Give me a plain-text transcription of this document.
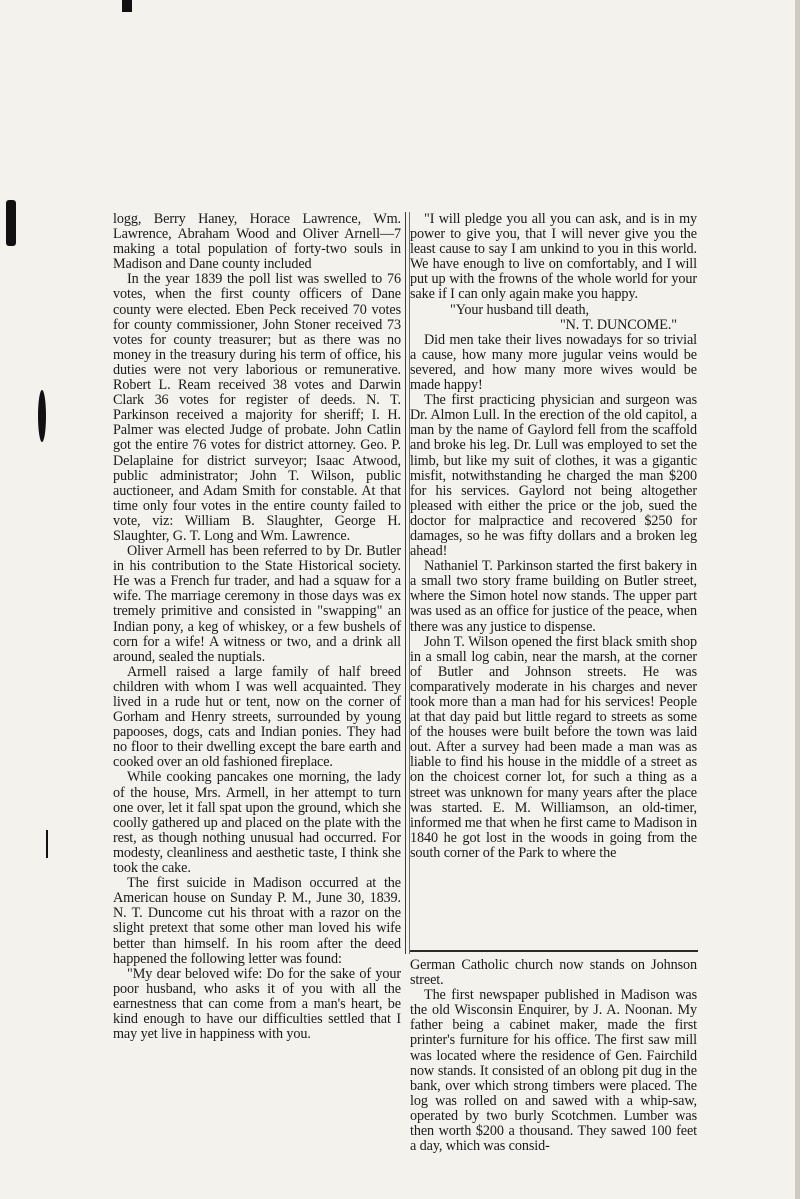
logg, Berry Haney, Horace Lawrence, Wm. Lawrence, Abraham Wood and Oliver Arnell—7 making a total population of forty-two souls in Madison and Dane county included

In the year 1839 the poll list was swelled to 76 votes, when the first county officers of Dane county were elected. Eben Peck received 70 votes for county commissioner, John Stoner received 73 votes for county treasurer; but as there was no money in the treasury during his term of office, his duties were not very laborious or remunerative. Robert L. Ream received 38 votes and Darwin Clark 36 votes for register of deeds. N. T. Parkinson received a majority for sheriff; I. H. Palmer was elected Judge of probate. John Catlin got the entire 76 votes for district attorney. Geo. P. Delaplaine for district surveyor; Isaac Atwood, public administrator; John T. Wilson, public auctioneer, and Adam Smith for constable. At that time only four votes in the entire county failed to vote, viz: William B. Slaughter, George H. Slaughter, G. T. Long and Wm. Lawrence.

Oliver Armell has been referred to by Dr. Butler in his contribution to the State Historical society. He was a French fur trader, and had a squaw for a wife. The marriage ceremony in those days was ex tremely primitive and consisted in "swapping" an Indian pony, a keg of whiskey, or a few bushels of corn for a wife! A witness or two, and a drink all around, sealed the nuptials.

Armell raised a large family of half breed children with whom I was well acquainted. They lived in a rude hut or tent, now on the corner of Gorham and Henry streets, surrounded by young papooses, dogs, cats and Indian ponies. They had no floor to their dwelling except the bare earth and cooked over an old fashioned fireplace.

While cooking pancakes one morning, the lady of the house, Mrs. Armell, in her attempt to turn one over, let it fall spat upon the ground, which she coolly gathered up and placed on the plate with the rest, as though nothing unusual had occurred. For modesty, cleanliness and aesthetic taste, I think she took the cake.

The first suicide in Madison occurred at the American house on Sunday P. M., June 30, 1839. N. T. Duncome cut his throat with a razor on the slight pretext that some other man loved his wife better than himself. In his room after the deed happened the following letter was found:

"My dear beloved wife: Do for the sake of your poor husband, who asks it of you with all the earnestness that can come from a man's heart, be kind enough to have our difficulties settled that I may yet live in happiness with you.

"I will pledge you all you can ask, and is in my power to give you, that I will never give you the least cause to say I am unkind to you in this world. We have enough to live on comfortably, and I will put up with the frowns of the whole world for your sake if I can only again make you happy.

"Your husband till death,

"N. T. DUNCOME."

Did men take their lives nowadays for so trivial a cause, how many more jugular veins would be severed, and how many more wives would be made happy!

The first practicing physician and surgeon was Dr. Almon Lull. In the erection of the old capitol, a man by the name of Gaylord fell from the scaffold and broke his leg. Dr. Lull was employed to set the limb, but like my suit of clothes, it was a gigantic misfit, notwithstanding he charged the man $200 for his services. Gaylord not being altogether pleased with either the price or the job, sued the doctor for malpractice and recovered $250 for damages, so he was fifty dollars and a broken leg ahead!

Nathaniel T. Parkinson started the first bakery in a small two story frame building on Butler street, where the Simon hotel now stands. The upper part was used as an office for justice of the peace, when there was any justice to dispense.

John T. Wilson opened the first black smith shop in a small log cabin, near the marsh, at the corner of Butler and Johnson streets. He was comparatively moderate in his charges and never took more than a man had for his services! People at that day paid but little regard to streets as some of the houses were built before the town was laid out. After a survey had been made a man was as liable to find his house in the middle of a street as on the choicest corner lot, for such a thing as a street was unknown for many years after the place was started. E. M. Williamson, an old-timer, informed me that when he first came to Madison in 1840 he got lost in the woods in going from the south corner of the Park to where the

German Catholic church now stands on Johnson street.

The first newspaper published in Madison was the old Wisconsin Enquirer, by J. A. Noonan. My father being a cabinet maker, made the first printer's furniture for his office. The first saw mill was located where the residence of Gen. Fairchild now stands. It consisted of an oblong pit dug in the bank, over which strong timbers were placed. The log was rolled on and sawed with a whip-saw, operated by two burly Scotchmen. Lumber was then worth $200 a thousand. They sawed 100 feet a day, which was consid-
